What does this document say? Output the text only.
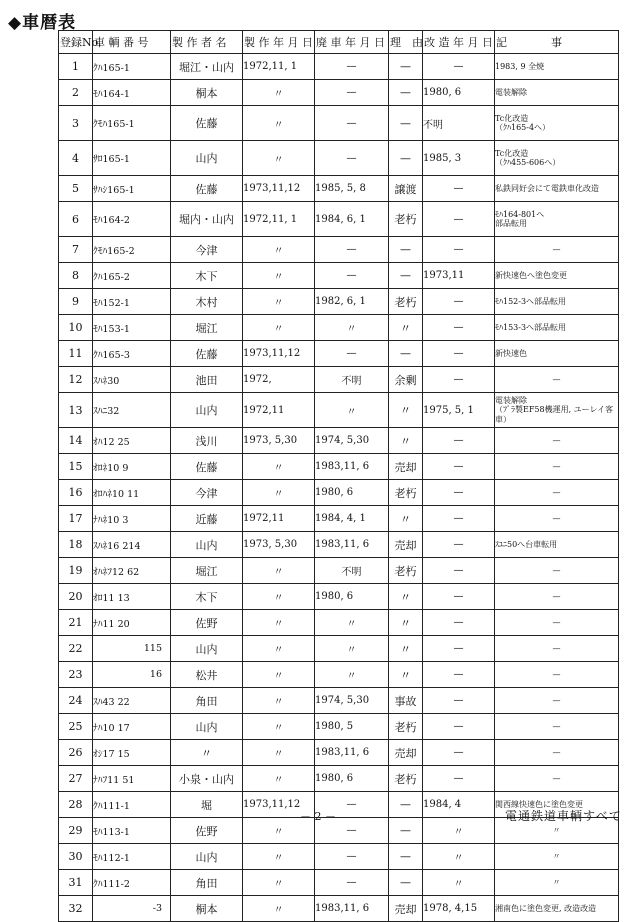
◆車暦表
登録No.	車 輌 番 号	製 作 者 名	製 作 年 月 日	廃 車 年 月 日	理　由	改 造 年 月 日	記　　　　事
1	ｸﾊ165-1	堀江・山内	1972,11, 1	—	—	—	1983, 9 全焼
2	ﾓﾊ164-1	桐本	〃	—	—	1980, 6	電装解除
3	ｸﾓﾊ165-1	佐藤	〃	—	—	不明	Tc化改造
（ｸﾊ165-4へ）
4	ｻﾛ165-1	山内	〃	—	—	1985, 3	Tc化改造
（ｸﾊ455-606へ）
5	ｻﾊｼ165-1	佐藤	1973,11,12	1985, 5, 8	譲渡	—	私鉄同好会にて電鉄車化改造
6	ﾓﾊ164-2	堀内・山内	1972,11, 1	1984, 6, 1	老朽	—	ﾓﾊ164-801へ
部品転用
7	ｸﾓﾊ165-2	今津	〃	—	—	—	—
8	ｸﾊ165-2	木下	〃	—	—	1973,11	新快速色へ塗色変更
9	ﾓﾊ152-1	木村	〃	1982, 6, 1	老朽	—	ﾓﾊ152-3へ部品転用
10	ﾓﾊ153-1	堀江	〃	〃	〃	—	ﾓﾊ153-3へ部品転用
11	ｸﾊ165-3	佐藤	1973,11,12	—	—	—	新快速色
12	ｽﾊﾈ30	池田	1972,	不明	余剰	—	—
13	ｽﾊﾆ32	山内	1972,11	〃	〃	1975, 5, 1	電装解除
（ﾌﾟﾗ製EF58機運用, ユーレイ客車）
14	ｵﾊ12 25	浅川	1973, 5,30	1974, 5,30	〃	—	—
15	ｵﾛﾈ10 9	佐藤	〃	1983,11, 6	売却	—	—
16	ｵﾛﾊﾈ10 11	今津	〃	1980, 6	老朽	—	—
17	ﾅﾊﾈ10 3	近藤	1972,11	1984, 4, 1	〃	—	—
18	ｽﾊﾈ16 214	山内	1973, 5,30	1983,11, 6	売却	—	ｽﾕﾆ50へ台車転用
19	ｵﾊﾈﾌ12 62	堀江	〃	不明	老朽	—	—
20	ｵﾛ11 13	木下	〃	1980, 6	〃	—	—
21	ﾅﾊ11 20	佐野	〃	〃	〃	—	—
22	115	山内	〃	〃	〃	—	—
23	16	松井	〃	〃	〃	—	—
24	ｽﾊ43 22	角田	〃	1974, 5,30	事故	—	—
25	ﾅﾊ10 17	山内	〃	1980, 5	老朽	—	—
26	ｵｼ17 15	〃	〃	1983,11, 6	売却	—	—
27	ﾅﾊﾌ11 51	小泉・山内	〃	1980, 6	老朽	—	—
28	ｸﾊ111-1	堀	1973,11,12	—	—	1984, 4	関西線快速色に塗色変更
29	ﾓﾊ113-1	佐野	〃	—	—	〃	〃
30	ﾓﾊ112-1	山内	〃	—	—	〃	〃
31	ｸﾊ111-2	角田	〃	—	—	〃	〃
32	-3	桐本	〃	1983,11, 6	売却	1978, 4,15	湘南色に塗色変更, 改造改造
－ 2 －	電通鉄道車輌すべて
